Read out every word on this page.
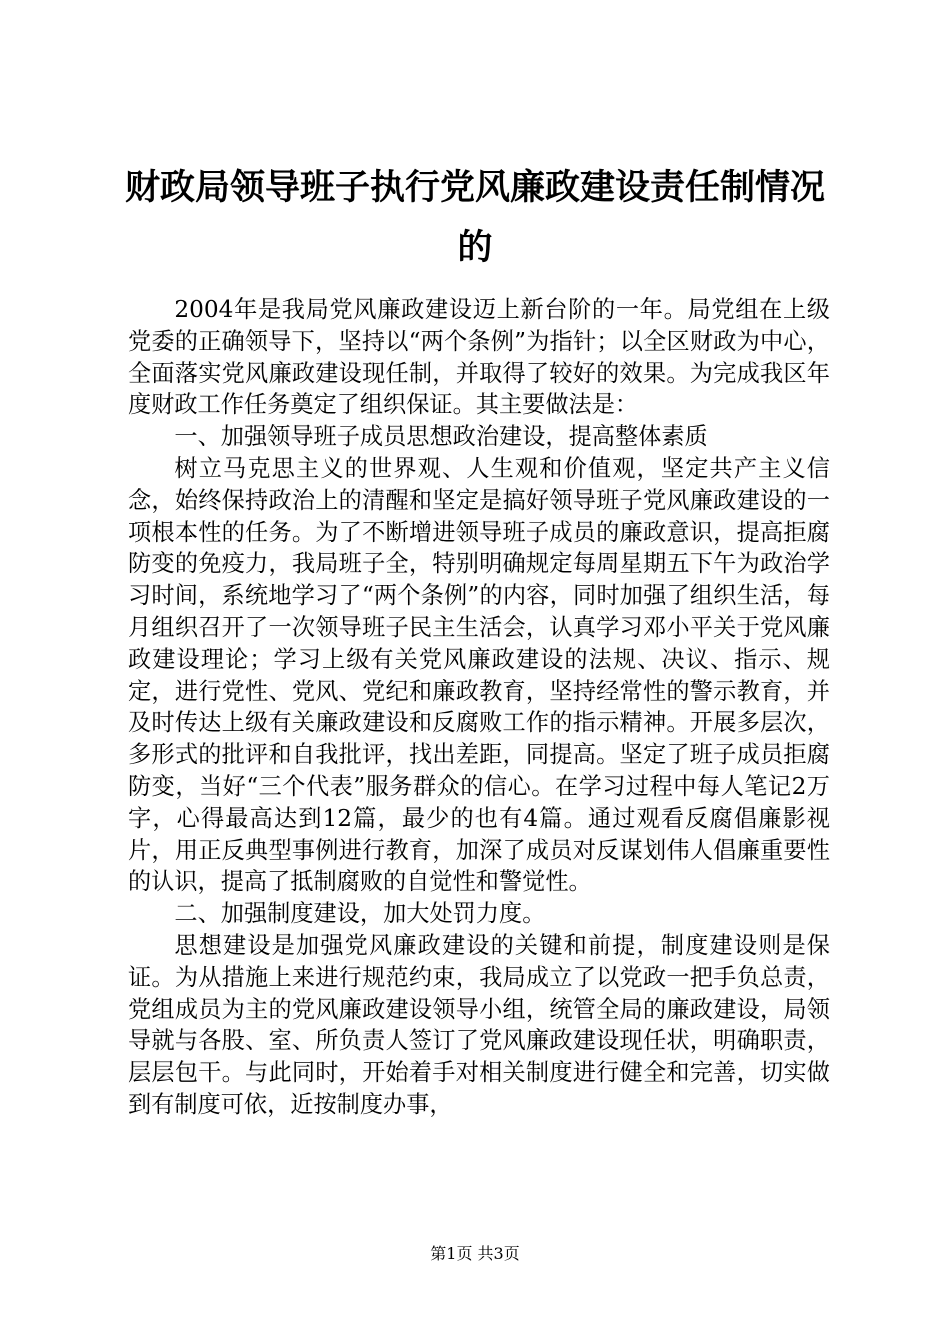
财政局领导班子执行党风廉政建设责任制情况的

2004年是我局党风廉政建设迈上新台阶的一年。局党组在上级党委的正确领导下，坚持以“两个条例”为指针；以全区财政为中心，全面落实党风廉政建设现任制，并取得了较好的效果。为完成我区年度财政工作任务奠定了组织保证。其主要做法是：

一、加强领导班子成员思想政治建设，提高整体素质

树立马克思主义的世界观、人生观和价值观，坚定共产主义信念，始终保持政治上的清醒和坚定是搞好领导班子党风廉政建设的一项根本性的任务。为了不断增进领导班子成员的廉政意识，提高拒腐防变的免疫力，我局班子全，特别明确规定每周星期五下午为政治学习时间，系统地学习了“两个条例”的内容，同时加强了组织生活，每月组织召开了一次领导班子民主生活会，认真学习邓小平关于党风廉政建设理论；学习上级有关党风廉政建设的法规、决议、指示、规定，进行党性、党风、党纪和廉政教育，坚持经常性的警示教育，并及时传达上级有关廉政建设和反腐败工作的指示精神。开展多层次，多形式的批评和自我批评，找出差距，同提高。坚定了班子成员拒腐防变，当好“三个代表”服务群众的信心。在学习过程中每人笔记2万字，心得最高达到12篇，最少的也有4篇。通过观看反腐倡廉影视片，用正反典型事例进行教育，加深了成员对反谋划伟人倡廉重要性的认识，提高了抵制腐败的自觉性和警觉性。

二、加强制度建设，加大处罚力度。

思想建设是加强党风廉政建设的关键和前提，制度建设则是保证。为从措施上来进行规范约束，我局成立了以党政一把手负总责，党组成员为主的党风廉政建设领导小组，统管全局的廉政建设，局领导就与各股、室、所负责人签订了党风廉政建设现任状，明确职责，层层包干。与此同时，开始着手对相关制度进行健全和完善，切实做到有制度可依，近按制度办事，

第1页 共3页
